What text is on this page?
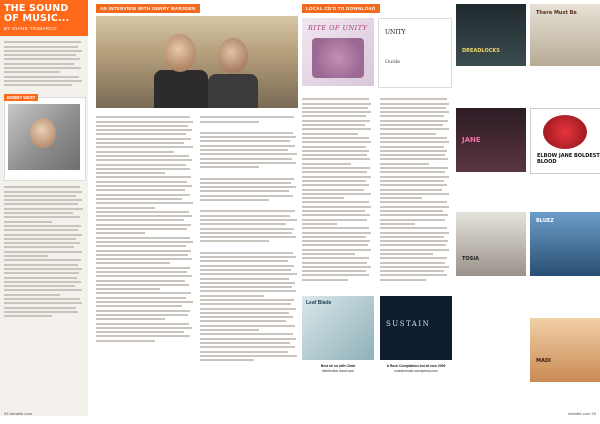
THE SOUND
OF MUSIC...
BY DIANE TRIMARCO
BOBBY WEST
92 wirralife.com
AN INTERVIEW WITH GERRY MARSDEN	LOCAL CD'S TO DOWNLOAD
RITE OF UNITY
UNITY
Guide
Leaf Blade
SUSTAIN
Best all on with Chair
distribution band.com
A Rock Compilation ind all new 2009
sustainmusic.wordpress.com
DREADLOCKS
There Must Be
JANE
ELBOW JANE BOLDEST BLOOD
TOSIA
BLUEZ
MADI
wirralife.com 93
